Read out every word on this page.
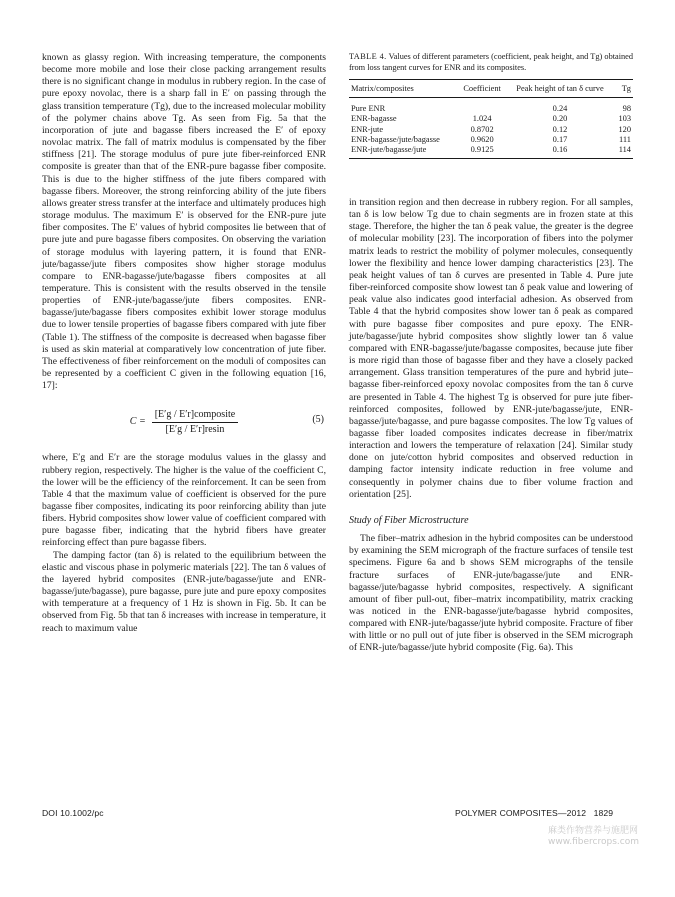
known as glassy region. With increasing temperature, the components become more mobile and lose their close packing arrangement results there is no significant change in modulus in rubbery region. In the case of pure epoxy novolac, there is a sharp fall in E′ on passing through the glass transition temperature (Tg), due to the increased molecular mobility of the polymer chains above Tg. As seen from Fig. 5a that the incorporation of jute and bagasse fibers increased the E′ of epoxy novolac matrix. The fall of matrix modulus is compensated by the fiber stiffness [21]. The storage modulus of pure jute fiber-reinforced ENR composite is greater than that of the ENR-pure bagasse fiber composite. This is due to the higher stiffness of the jute fibers compared with bagasse fibers. Moreover, the strong reinforcing ability of the jute fibers allows greater stress transfer at the interface and ultimately produces high storage modulus. The maximum E′ is observed for the ENR-pure jute fiber composites. The E′ values of hybrid composites lie between that of pure jute and pure bagasse fibers composites. On observing the variation of storage modulus with layering pattern, it is found that ENR-jute/bagasse/jute fibers composites show higher storage modulus compare to ENR-bagasse/jute/bagasse fibers composites at all temperature. This is consistent with the results observed in the tensile properties of ENR-jute/bagasse/jute fibers composites. ENR-bagasse/jute/bagasse fibers composites exhibit lower storage modulus due to lower tensile properties of bagasse fibers compared with jute fiber (Table 1). The stiffness of the composite is decreased when bagasse fiber is used as skin material at comparatively low concentration of jute fiber. The effectiveness of fiber reinforcement on the moduli of composites can be represented by a coefficient C given in the following equation [16, 17]:

$C = \frac{\text{[E′g / E′r]composite}}{[E'g / E'r]resin}$	(5)

where, E′g and E′r are the storage modulus values in the glassy and rubbery region, respectively. The higher is the value of the coefficient C, the lower will be the efficiency of the reinforcement. It can be seen from Table 4 that the maximum value of coefficient is observed for the pure bagasse fiber composites, indicating its poor reinforcing ability than jute fibers. Hybrid composites show lower value of coefficient compared with pure bagasse fiber, indicating that the hybrid fibers have greater reinforcing effect than pure bagasse fibers.

The damping factor (tan δ) is related to the equilibrium between the elastic and viscous phase in polymeric materials [22]. The tan δ values of the layered hybrid composites (ENR-jute/bagasse/jute and ENR-bagasse/jute/bagasse), pure bagasse, pure jute and pure epoxy composites with temperature at a frequency of 1 Hz is shown in Fig. 5b. It can be observed from Fig. 5b that tan δ increases with increase in temperature, it reach to maximum value

TABLE 4. Values of different parameters (coefficient, peak height, and Tg) obtained from loss tangent curves for ENR and its composites.
Matrix/composites	Coefficient	Peak height of tan δ curve	Tg
Pure ENR		0.24	98
ENR-bagasse	1.024	0.20	103
ENR-jute	0.8702	0.12	120
ENR-bagasse/jute/bagasse	0.9620	0.17	111
ENR-jute/bagasse/jute	0.9125	0.16	114

in transition region and then decrease in rubbery region. For all samples, tan δ is low below Tg due to chain segments are in frozen state at this stage. Therefore, the higher the tan δ peak value, the greater is the degree of molecular mobility [23]. The incorporation of fibers into the polymer matrix leads to restrict the mobility of polymer molecules, consequently lower the flexibility and hence lower damping characteristics [23]. The peak height values of tan δ curves are presented in Table 4. Pure jute fiber-reinforced composite show lowest tan δ peak value and lowering of peak value also indicates good interfacial adhesion. As observed from Table 4 that the hybrid composites show lower tan δ peak as compared with pure bagasse fiber composites and pure epoxy. The ENR-jute/bagasse/jute hybrid composites show slightly lower tan δ value compared with ENR-bagasse/jute/bagasse composites, because jute fiber is more rigid than those of bagasse fiber and they have a closely packed arrangement. Glass transition temperatures of the pure and hybrid jute–bagasse fiber-reinforced epoxy novolac composites from the tan δ curve are presented in Table 4. The highest Tg is observed for pure jute fiber-reinforced composites, followed by ENR-jute/bagasse/jute, ENR-bagasse/jute/bagasse, and pure bagasse composites. The low Tg values of bagasse fiber loaded composites indicates decrease in fiber/matrix interaction and lowers the temperature of relaxation [24]. Similar study done on jute/cotton hybrid composites and observed reduction in damping factor intensity indicate reduction in free volume and consequently in polymer chains due to fiber volume fraction and orientation [25].

Study of Fiber Microstructure

The fiber–matrix adhesion in the hybrid composites can be understood by examining the SEM micrograph of the fracture surfaces of tensile test specimens. Figure 6a and b shows SEM micrographs of the tensile fracture surfaces of ENR-jute/bagasse/jute and ENR-bagasse/jute/bagasse hybrid composites, respectively. A significant amount of fiber pull-out, fiber–matrix incompatibility, matrix cracking was noticed in the ENR-bagasse/jute/bagasse hybrid composites, compared with ENR-jute/bagasse/jute hybrid composite. Fracture of fiber with little or no pull out of jute fiber is observed in the SEM micrograph of ENR-jute/bagasse/jute hybrid composite (Fig. 6a). This

DOI 10.1002/pc	POLYMER COMPOSITES—2012 1829
麻类作物营养与施肥网
www.fibercrops.com
